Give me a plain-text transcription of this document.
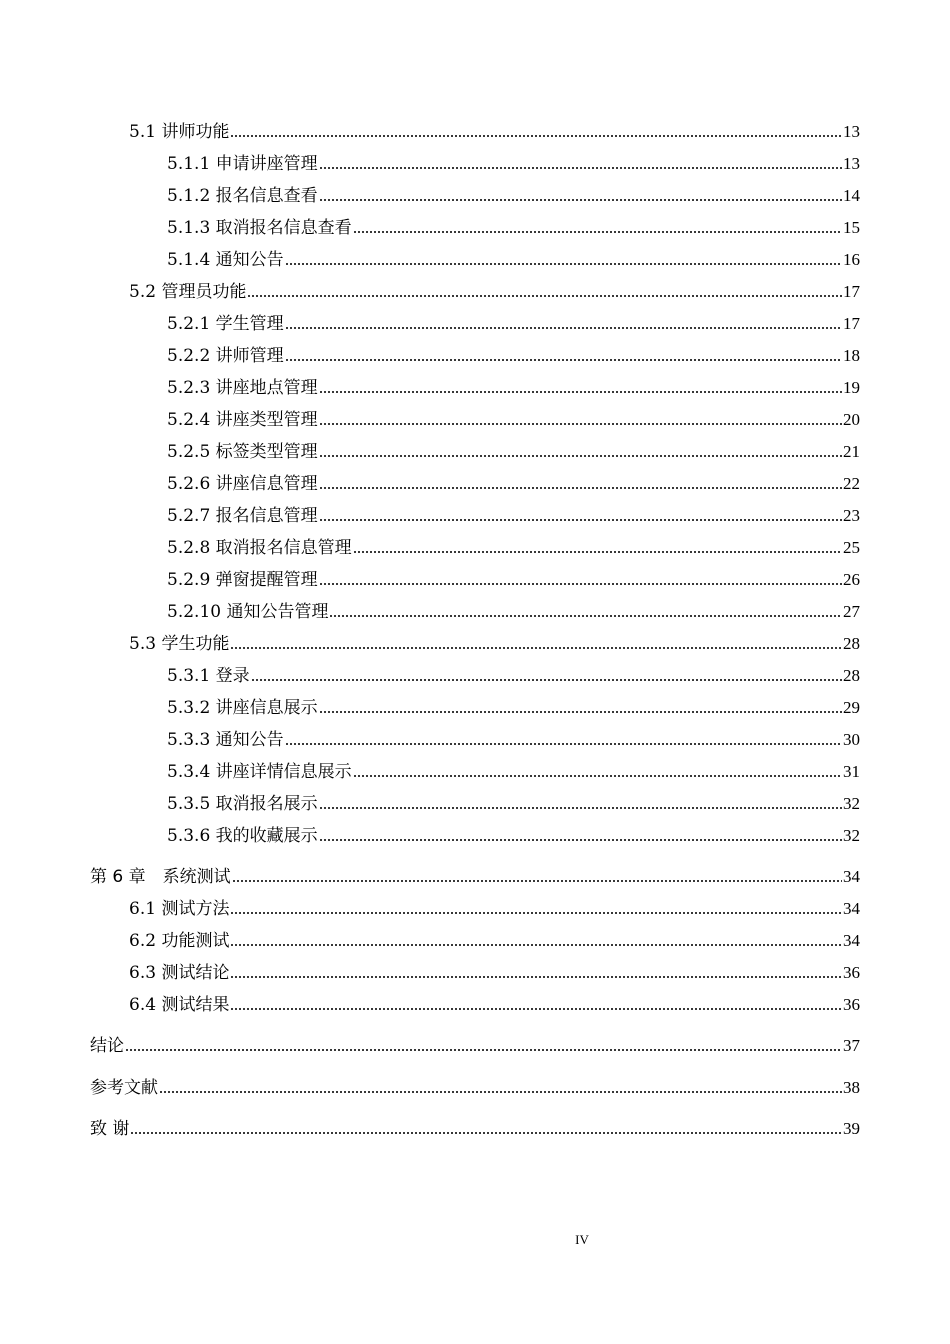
5.1 讲师功能	13
5.1.1 申请讲座管理	13
5.1.2 报名信息查看	14
5.1.3 取消报名信息查看	15
5.1.4 通知公告	16
5.2 管理员功能	17
5.2.1 学生管理	17
5.2.2 讲师管理	18
5.2.3 讲座地点管理	19
5.2.4 讲座类型管理	20
5.2.5 标签类型管理	21
5.2.6 讲座信息管理	22
5.2.7 报名信息管理	23
5.2.8 取消报名信息管理	25
5.2.9 弹窗提醒管理	26
5.2.10 通知公告管理	27
5.3 学生功能	28
5.3.1 登录	28
5.3.2 讲座信息展示	29
5.3.3 通知公告	30
5.3.4 讲座详情信息展示	31
5.3.5 取消报名展示	32
5.3.6 我的收藏展示	32
第 6 章　系统测试	34
6.1 测试方法	34
6.2 功能测试	34
6.3 测试结论	36
6.4 测试结果	36
结论	37
参考文献	38
致 谢	39
IV
